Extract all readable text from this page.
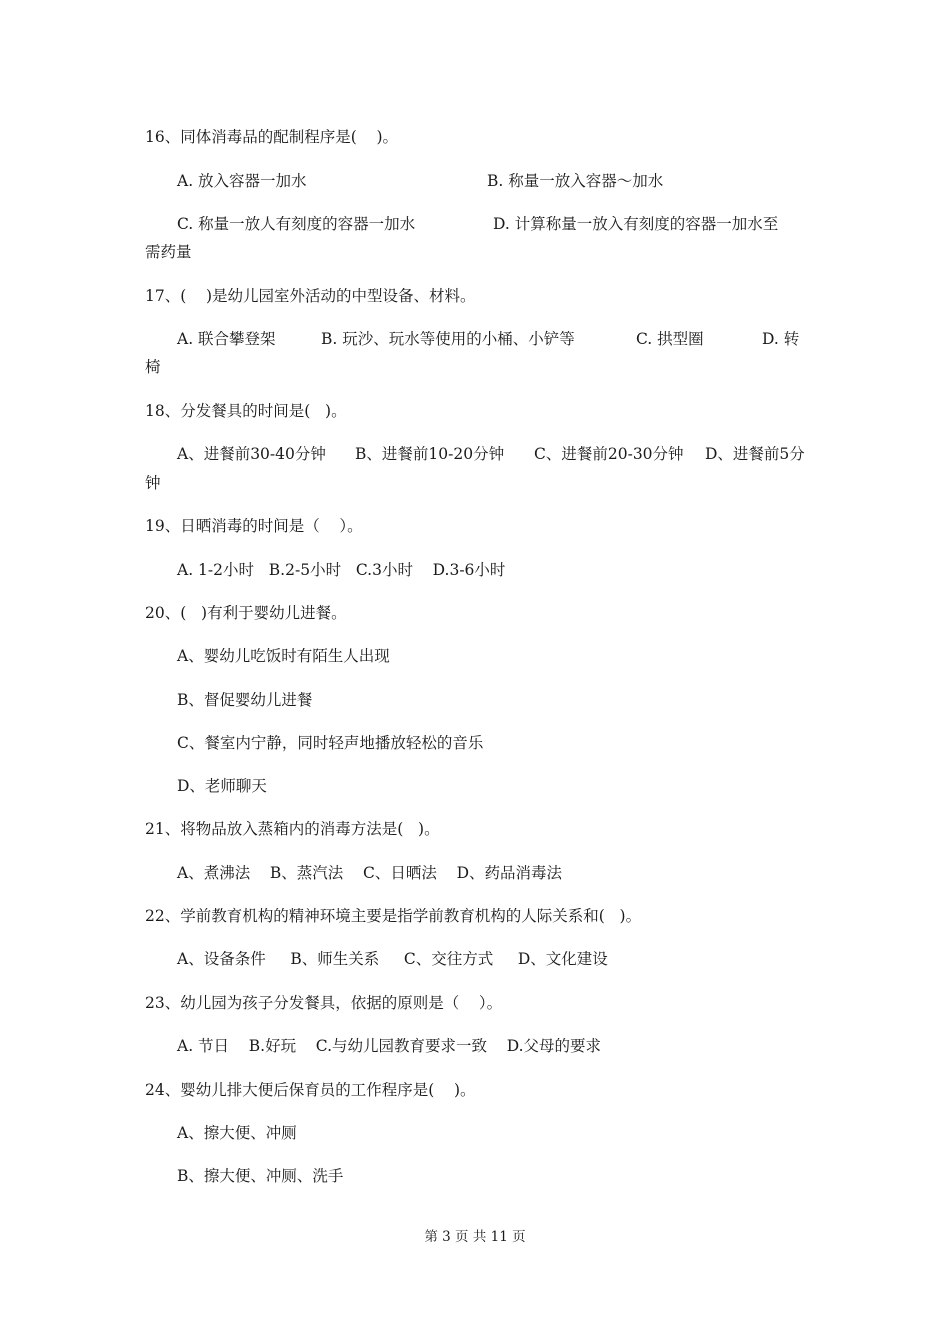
16、同体消毒品的配制程序是(    )。
A. 放入容器一加水	B. 称量一放入容器～加水
C. 称量一放人有刻度的容器一加水	D. 计算称量一放入有刻度的容器一加水至
需药量
17、(    )是幼儿园室外活动的中型设备、材料。
A. 联合攀登架	B. 玩沙、玩水等使用的小桶、小铲等	C. 拱型圈	D. 转
椅
18、分发餐具的时间是(   )。
A、进餐前30-40分钟 B、进餐前10-20分钟 C、进餐前20-30分钟 D、进餐前5分
钟
19、日晒消毒的时间是（    ）。
A. 1-2小时   B.2-5小时   C.3小时    D.3-6小时
20、(   )有利于婴幼儿进餐。
A、婴幼儿吃饭时有陌生人出现
B、督促婴幼儿进餐
C、餐室内宁静，同时轻声地播放轻松的音乐
D、老师聊天
21、将物品放入蒸箱内的消毒方法是(   )。
A、煮沸法    B、蒸汽法    C、日晒法    D、药品消毒法
22、学前教育机构的精神环境主要是指学前教育机构的人际关系和(   )。
A、设备条件     B、师生关系     C、交往方式     D、文化建设
23、幼儿园为孩子分发餐具，依据的原则是（    ）。
A. 节日    B.好玩    C.与幼儿园教育要求一致    D.父母的要求
24、婴幼儿排大便后保育员的工作程序是(    )。
A、擦大便、冲厕
B、擦大便、冲厕、洗手
第 3 页 共 11 页
